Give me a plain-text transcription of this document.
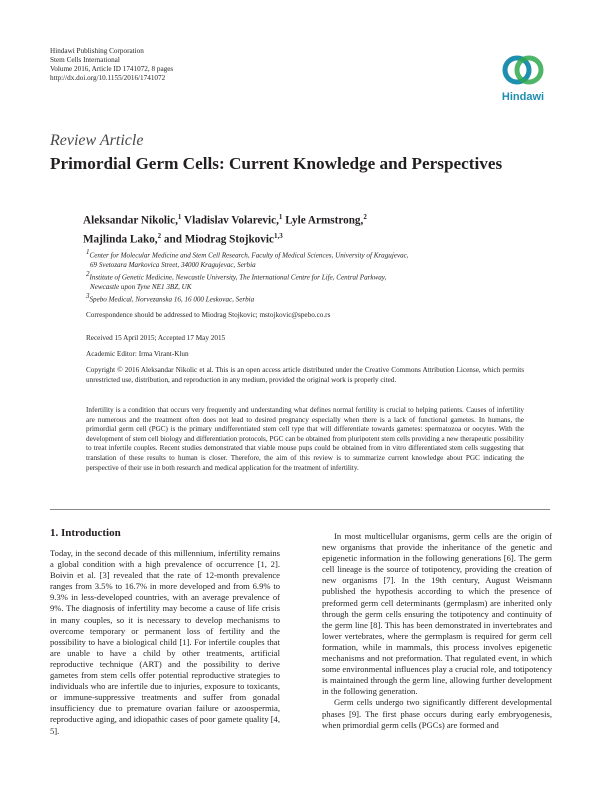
Hindawi Publishing Corporation
Stem Cells International
Volume 2016, Article ID 1741072, 8 pages
http://dx.doi.org/10.1155/2016/1741072
Hindawi
Review Article
Primordial Germ Cells: Current Knowledge and Perspectives
Aleksandar Nikolic,$^1$ Vladislav Volarevic,$^1$ Lyle Armstrong,$^2$
Majlinda Lako,$^2$ and Miodrag Stojkovic$^{1,3}$
$^1$Center for Molecular Medicine and Stem Cell Research, Faculty of Medical Sciences, University of Kragujevac,
69 Svetozara Markovica Street, 34000 Kragujevac, Serbia
$^2$Institute of Genetic Medicine, Newcastle University, The International Centre for Life, Central Parkway,
Newcastle upon Tyne NE1 3BZ, UK
$^3$Spebo Medical, Norvezanska 16, 16 000 Leskovac, Serbia
Correspondence should be addressed to Miodrag Stojkovic; mstojkovic@spebo.co.rs
Received 15 April 2015; Accepted 17 May 2015
Academic Editor: Irma Virant-Klun
Copyright © 2016 Aleksandar Nikolic et al. This is an open access article distributed under the Creative Commons Attribution License, which permits unrestricted use, distribution, and reproduction in any medium, provided the original work is properly cited.
Infertility is a condition that occurs very frequently and understanding what defines normal fertility is crucial to helping patients. Causes of infertility are numerous and the treatment often does not lead to desired pregnancy especially when there is a lack of functional gametes. In humans, the primordial germ cell (PGC) is the primary undifferentiated stem cell type that will differentiate towards gametes: spermatozoa or oocytes. With the development of stem cell biology and differentiation protocols, PGC can be obtained from pluripotent stem cells providing a new therapeutic possibility to treat infertile couples. Recent studies demonstrated that viable mouse pups could be obtained from in vitro differentiated stem cells suggesting that translation of these results to human is closer. Therefore, the aim of this review is to summarize current knowledge about PGC indicating the perspective of their use in both research and medical application for the treatment of infertility.
1. Introduction

Today, in the second decade of this millennium, infertility remains a global condition with a high prevalence of occurrence [1, 2]. Boivin et al. [3] revealed that the rate of 12-month prevalence ranges from 3.5% to 16.7% in more developed and from 6.9% to 9.3% in less-developed countries, with an average prevalence of 9%. The diagnosis of infertility may become a cause of life crisis in many couples, so it is necessary to develop mechanisms to overcome temporary or permanent loss of fertility and the possibility to have a biological child [1]. For infertile couples that are unable to have a child by other treatments, artificial reproductive technique (ART) and the possibility to derive gametes from stem cells offer potential reproductive strategies to individuals who are infertile due to injuries, exposure to toxicants, or immune-suppressive treatments and suffer from gonadal insufficiency due to premature ovarian failure or azoospermia, reproductive aging, and idiopathic cases of poor gamete quality [4, 5].

In most multicellular organisms, germ cells are the origin of new organisms that provide the inheritance of the genetic and epigenetic information in the following generations [6]. The germ cell lineage is the source of totipotency, providing the creation of new organisms [7]. In the 19th century, August Weismann published the hypothesis according to which the presence of preformed germ cell determinants (germplasm) are inherited only through the germ cells ensuring the totipotency and continuity of the germ line [8]. This has been demonstrated in invertebrates and lower vertebrates, where the germplasm is required for germ cell formation, while in mammals, this process involves epigenetic mechanisms and not preformation. That regulated event, in which some environmental influences play a crucial role, and totipotency is maintained through the germ line, allowing further development in the following generation.

Germ cells undergo two significantly different developmental phases [9]. The first phase occurs during early embryogenesis, when primordial germ cells (PGCs) are formed and
